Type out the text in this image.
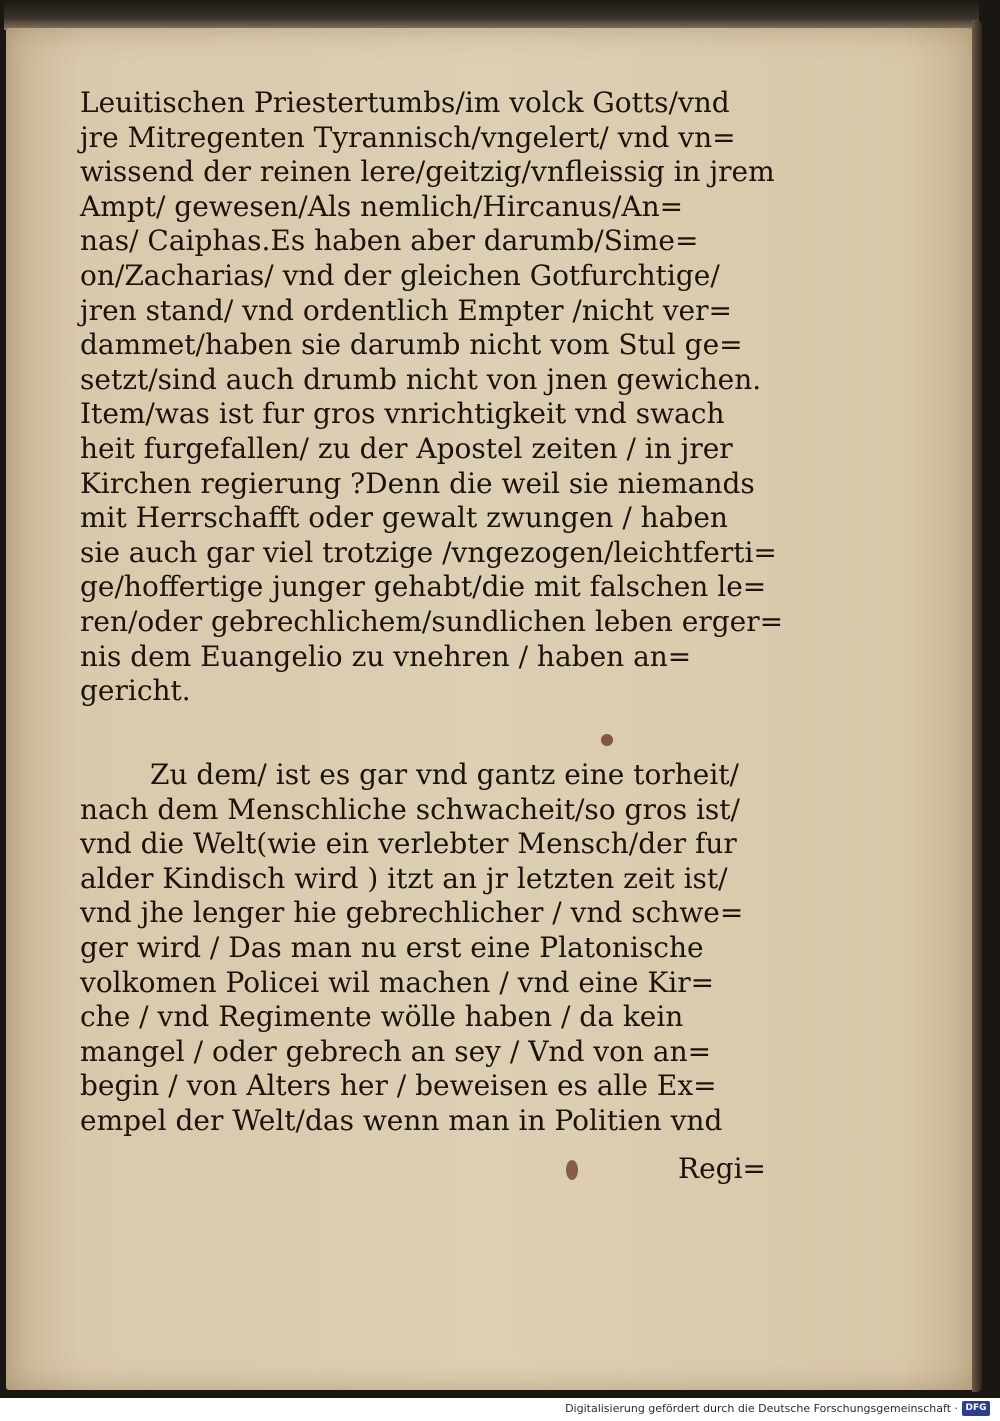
Leuitischen Priestertumbs/im volck Gotts/vnd
jre Mitregenten Tyrannisch/vngelert/ vnd vn=
wissend der reinen lere/geitzig/vnfleissig in jrem
Ampt/ gewesen/Als nemlich/Hircanus/An=
nas/ Caiphas.Es haben aber darumb/Sime=
on/Zacharias/ vnd der gleichen Gotfurchtige/
jren stand/ vnd ordentlich Empter /nicht ver=
dammet/haben sie darumb nicht vom Stul ge=
setzt/sind auch drumb nicht von jnen gewichen.
Item/was ist fur gros vnrichtigkeit vnd swach
heit furgefallen/ zu der Apostel zeiten / in jrer
Kirchen regierung ?Denn die weil sie niemands
mit Herrschafft oder gewalt zwungen / haben
sie auch gar viel trotzige /vngezogen/leichtferti=
ge/hoffertige junger gehabt/die mit falschen le=
ren/oder gebrechlichem/sundlichen leben erger=
nis dem Euangelio zu vnehren / haben an=
gericht.
Zu dem/ ist es gar vnd gantz eine torheit/
nach dem Menschliche schwacheit/so gros ist/
vnd die Welt(wie ein verlebter Mensch/der fur
alder Kindisch wird ) itzt an jr letzten zeit ist/
vnd jhe lenger hie gebrechlicher / vnd schwe=
ger wird / Das man nu erst eine Platonische
volkomen Policei wil machen / vnd eine Kir=
che / vnd Regimente wölle haben / da kein
mangel / oder gebrech an sey / Vnd von an=
begin / von Alters her / beweisen es alle Ex=
empel der Welt/das wenn man in Politien vnd
Regi=
Digitalisierung gefördert durch die Deutsche Forschungsgemeinschaft · DFG
